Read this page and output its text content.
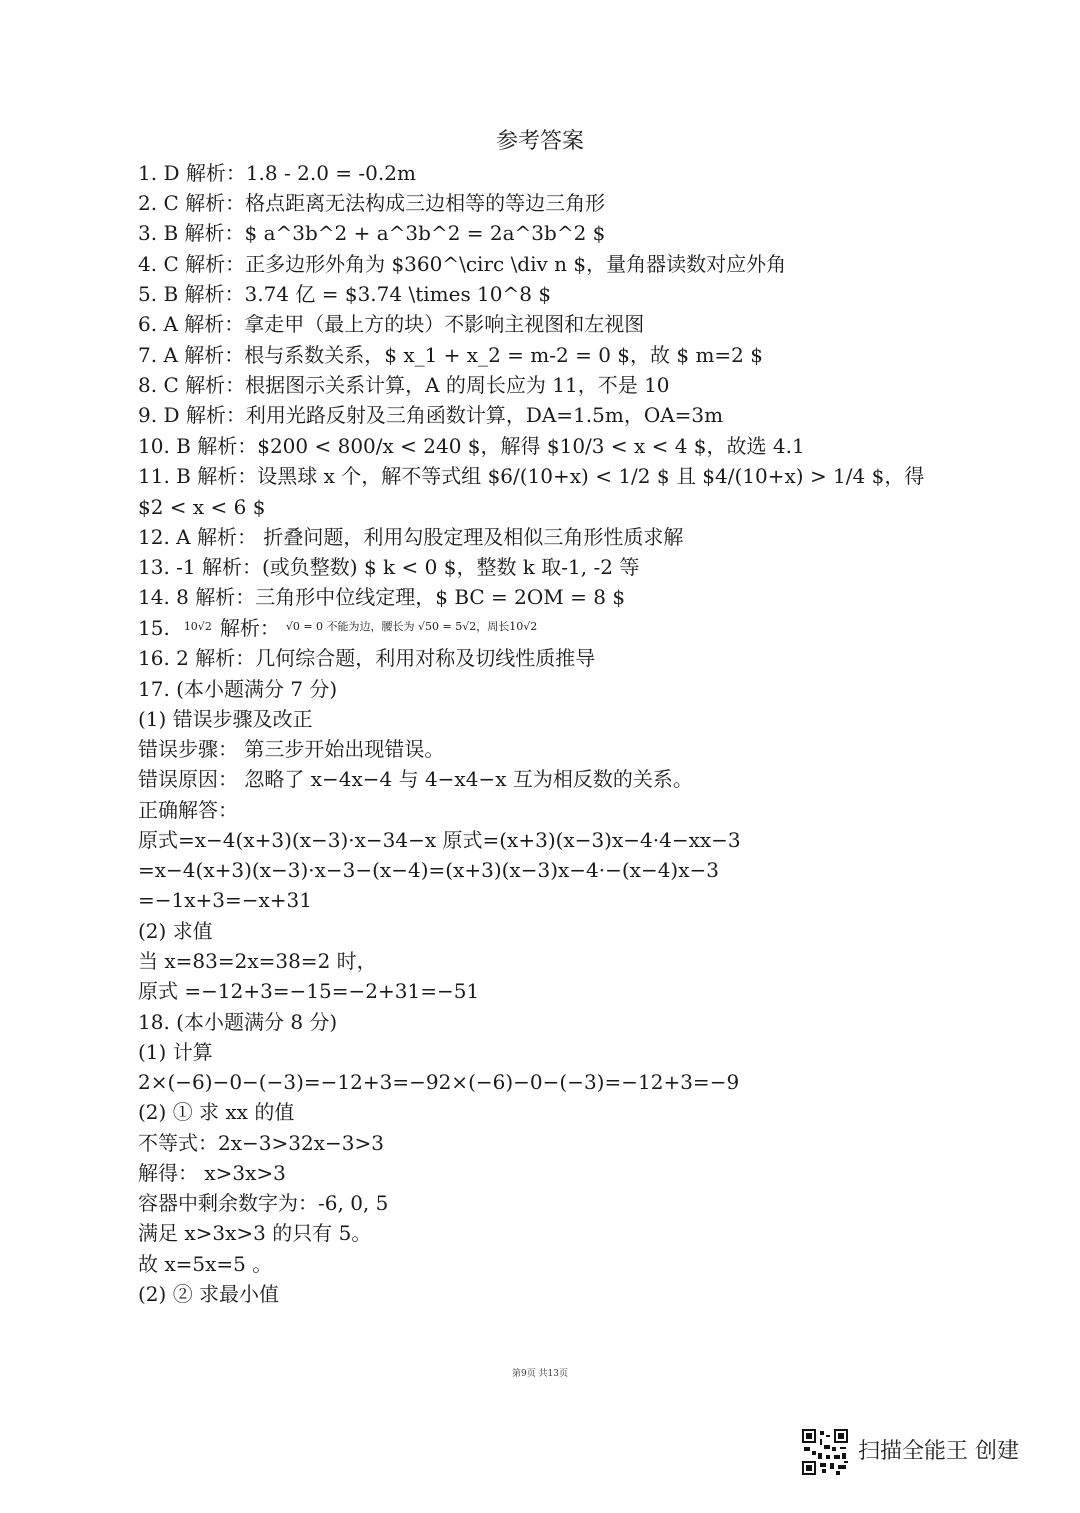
参考答案
1. D 解析：1.8 - 2.0 = -0.2m
2. C 解析：格点距离无法构成三边相等的等边三角形
3. B 解析：$ a^3b^2 + a^3b^2 = 2a^3b^2 $
4. C 解析：正多边形外角为 $360^\circ \div n $，量角器读数对应外角
5. B 解析：3.74 亿 = $3.74 \times 10^8 $
6. A 解析：拿走甲（最上方的块）不影响主视图和左视图
7. A 解析：根与系数关系，$ x_1 + x_2 = m-2 = 0 $，故 $ m=2 $
8. C 解析：根据图示关系计算，A 的周长应为 11，不是 10
9. D 解析：利用光路反射及三角函数计算，DA=1.5m，OA=3m
10. B 解析：$200 < 800/x < 240 $，解得 $10/3 < x < 4 $，故选 4.1
11. B 解析：设黑球 x 个，解不等式组 $6/(10+x) < 1/2 $ 且 $4/(10+x) > 1/4 $，得
$2 < x < 6 $
12. A 解析： 折叠问题，利用勾股定理及相似三角形性质求解
13. -1 解析：(或负整数) $ k < 0 $，整数 k 取-1, -2 等
14. 8 解析：三角形中位线定理，$ BC = 2OM = 8 $
15. $^{10√2}$ 解析： $^{√0 = 0 不能为边,腰长为 √50 = 5√2,周长10√2}$
16. 2 解析：几何综合题，利用对称及切线性质推导
17. (本小题满分 7 分)
(1) 错误步骤及改正
错误步骤： 第三步开始出现错误。
错误原因： 忽略了 x−4x−4 与 4−x4−x 互为相反数的关系。
正确解答：
原式=x−4(x+3)(x−3)·x−34−x 原式=(x+3)(x−3)x−4·4−xx−3
=x−4(x+3)(x−3)·x−3−(x−4)=(x+3)(x−3)x−4·−(x−4)x−3
=−1x+3=−x+31
(2) 求值
当 x=83=2x=38=2 时，
原式 =−12+3=−15=−2+31=−51
18. (本小题满分 8 分)
(1) 计算
2×(−6)−0−(−3)=−12+3=−92×(−6)−0−(−3)=−12+3=−9
(2) ① 求 xx 的值
不等式：2x−3>32x−3>3
解得： x>3x>3
容器中剩余数字为：-6, 0, 5
满足 x>3x>3 的只有 5。
故 x=5x=5 。
(2) ② 求最小值
第9页 共13页
扫描全能王 创建
